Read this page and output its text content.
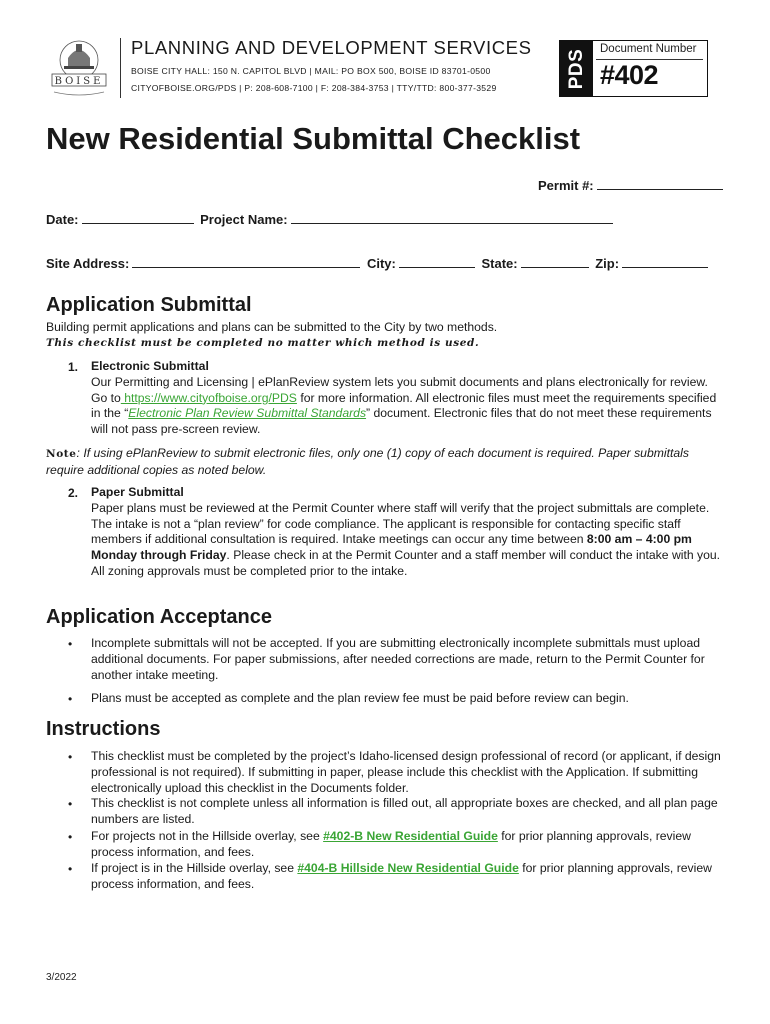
BOISE
PLANNING AND DEVELOPMENT SERVICES
BOISE CITY HALL: 150 N. CAPITOL BLVD | MAIL: PO BOX 500, BOISE ID 83701-0500
CITYOFBOISE.ORG/PDS | P: 208-608-7100 | F: 208-384-3753 | TTY/TTD: 800-377-3529	PDS Document Number
#402
New Residential Submittal Checklist
Permit #:
Date:	Project Name:
Site Address:	City:	State:	Zip:
Application Submittal

Building permit applications and plans can be submitted to the City by two methods.

This checklist must be completed no matter which method is used.

1. Electronic Submittal
Our Permitting and Licensing | ePlanReview system lets you submit documents and plans electronically for review. Go to https://www.cityofboise.org/PDS for more information. All electronic files must meet the requirements specified in the “Electronic Plan Review Submittal Standards” document. Electronic files that do not meet these requirements will not pass pre-screen review.

Note: If using ePlanReview to submit electronic files, only one (1) copy of each document is required. Paper submittals require additional copies as noted below.

2. Paper Submittal
Paper plans must be reviewed at the Permit Counter where staff will verify that the project submittals are complete. The intake is not a “plan review” for code compliance. The applicant is responsible for contacting specific staff members if additional consultation is required. Intake meetings can occur any time between 8:00 am – 4:00 pm Monday through Friday. Please check in at the Permit Counter and a staff member will conduct the intake with you. All zoning approvals must be completed prior to the intake.
Application Acceptance
• Incomplete submittals will not be accepted. If you are submitting electronically incomplete submittals must upload additional documents. For paper submissions, after needed corrections are made, return to the Permit Counter for another intake meeting.

• Plans must be accepted as complete and the plan review fee must be paid before review can begin.

Instructions
• This checklist must be completed by the project’s Idaho-licensed design professional of record (or applicant, if design professional is not required). If submitting in paper, please include this checklist with the Application. If submitting electronically upload this checklist in the Documents folder.

• This checklist is not complete unless all information is filled out, all appropriate boxes are checked, and all plan page numbers are listed.

• For projects not in the Hillside overlay, see #402-B New Residential Guide for prior planning approvals, review process information, and fees.

• If project is in the Hillside overlay, see #404-B Hillside New Residential Guide for prior planning approvals, review process information, and fees.

3/2022
